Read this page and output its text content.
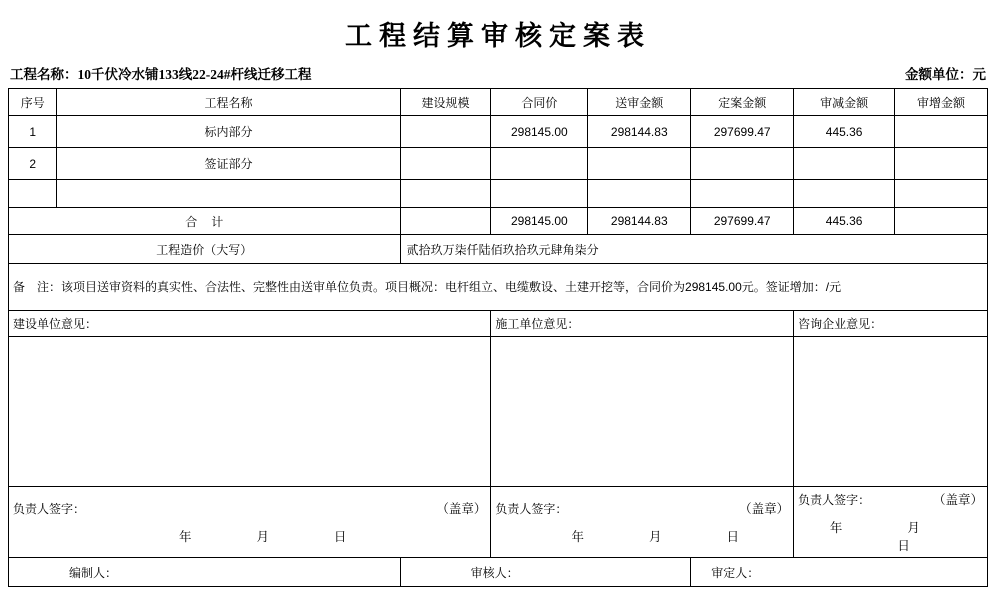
工程结算审核定案表
工程名称：10千伏冷水铺133线22-24#杆线迁移工程	金额单位：元
序号	工程名称	建设规模	合同价	送审金额	定案金额	审减金额	审增金额
1	标内部分		298145.00	298144.83	297699.47	445.36	
2	签证部分						

合计			298145.00	298144.83	297699.47	445.36	
工程造价（大写）		贰拾玖万柒仟陆佰玖拾玖元肆角柒分					
备　注：该项目送审资料的真实性、合法性、完整性由送审单位负责。项目概况：电杆组立、电缆敷设、土建开挖等，合同价为298145.00元。签证增加：/元							
建设单位意见：			施工单位意见：			咨询企业意见：	

负责人签字：	（盖章）
年	月	日

负责人签字：	（盖章）
年	月	日

负责人签字：	（盖章）
年	月  日

编制人：		审核人：			审定人：		
